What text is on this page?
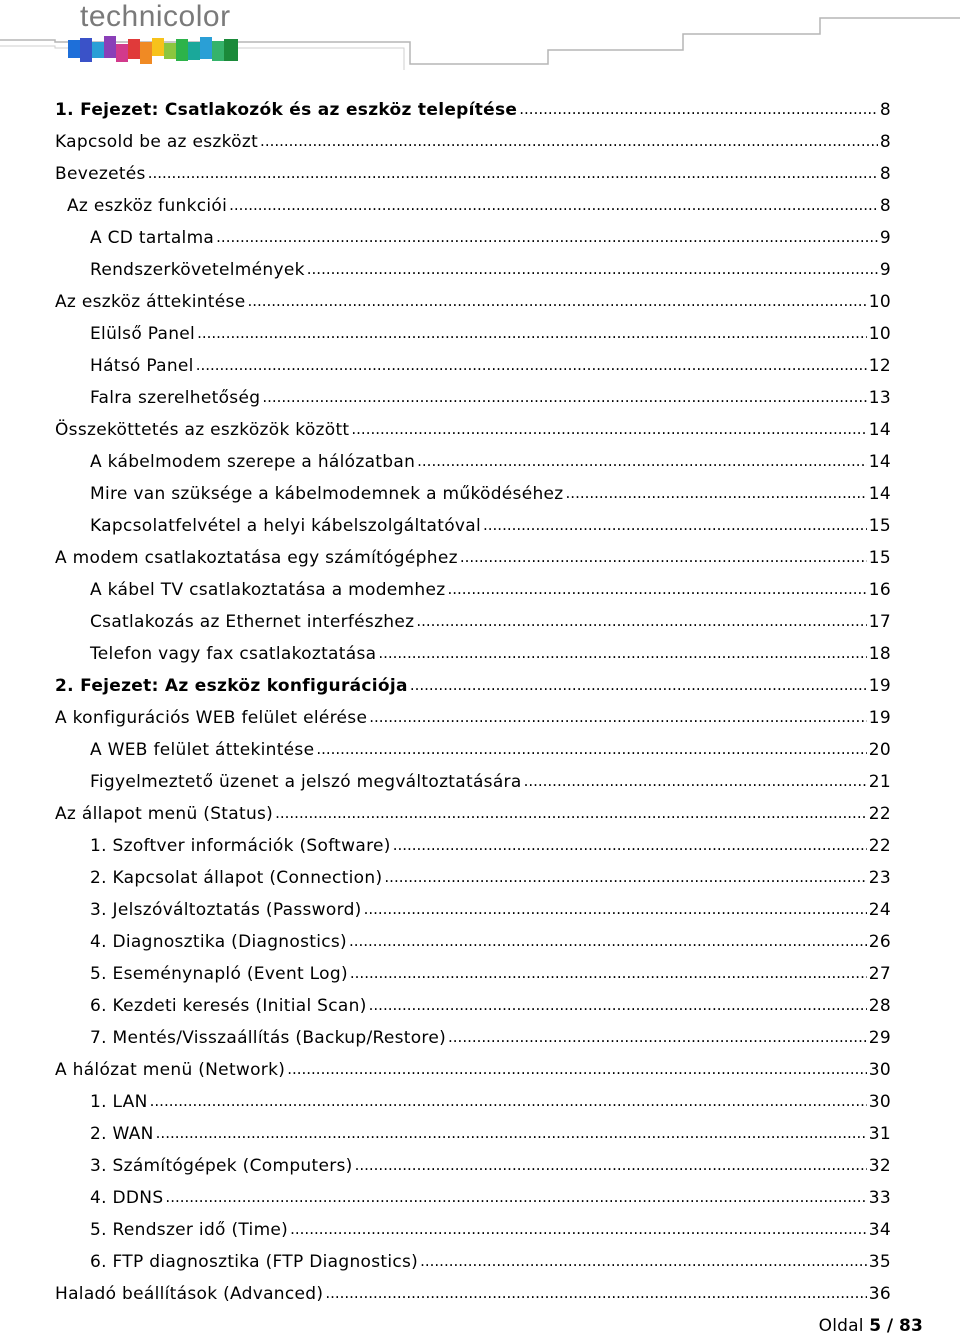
technicolor
1. Fejezet: Csatlakozók és az eszköz telepítése .....	8
Kapcsold be az eszközt .....	8
Bevezetés .....	8
Az eszköz funkciói .....	8
A CD tartalma .....	9
Rendszerkövetelmények .....	9
Az eszköz áttekintése .....	10
Elülső Panel .....	10
Hátsó Panel .....	12
Falra szerelhetőség .....	13
Összeköttetés az eszközök között .....	14
A kábelmodem szerepe a hálózatban .....	14
Mire van szüksége a kábelmodemnek a működéséhez .....	14
Kapcsolatfelvétel a helyi kábelszolgáltatóval .....	15
A modem csatlakoztatása egy számítógéphez .....	15
A kábel TV csatlakoztatása a modemhez .....	16
Csatlakozás az Ethernet interfészhez .....	17
Telefon vagy fax csatlakoztatása .....	18
2. Fejezet: Az eszköz konfigurációja .....	19
A konfigurációs WEB felület elérése .....	19
A WEB felület áttekintése .....	20
Figyelmeztető üzenet a jelszó megváltoztatására .....	21
Az állapot menü (Status) .....	22
1. Szoftver információk (Software) .....	22
2. Kapcsolat állapot (Connection) .....	23
3. Jelszóváltoztatás (Password) .....	24
4. Diagnosztika (Diagnostics) .....	26
5. Eseménynapló (Event Log) .....	27
6. Kezdeti keresés (Initial Scan) .....	28
7. Mentés/Visszaállítás (Backup/Restore) .....	29
A hálózat menü (Network) .....	30
1. LAN .....	30
2. WAN .....	31
3. Számítógépek (Computers) .....	32
4. DDNS .....	33
5. Rendszer idő (Time) .....	34
6. FTP diagnosztika (FTP Diagnostics) .....	35
Haladó beállítások (Advanced) .....	36
Oldal 5 / 83
